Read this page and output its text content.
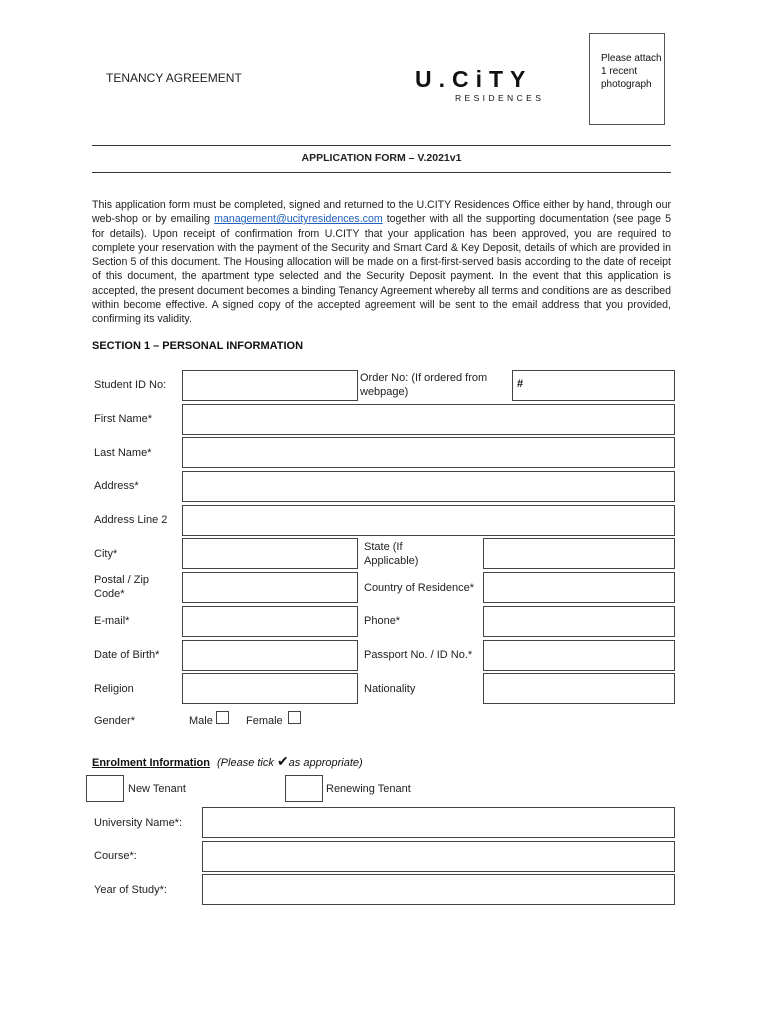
TENANCY AGREEMENT	U.CiTY
RESIDENCES
Please attach 1 recent photograph
APPLICATION FORM – V.2021v1
This application form must be completed, signed and returned to the U.CITY Residences Office either by hand, through our web-shop or by emailing management@ucityresidences.com together with all the supporting documentation (see page 5 for details). Upon receipt of confirmation from U.CITY that your application has been approved, you are required to complete your reservation with the payment of the Security and Smart Card & Key Deposit, details of which are provided in Section 5 of this document. The Housing allocation will be made on a first-first-served basis according to the date of receipt of this document, the apartment type selected and the Security Deposit payment. In the event that this application is accepted, the present document becomes a binding Tenancy Agreement whereby all terms and conditions are as described within become effective. A signed copy of the accepted agreement will be sent to the email address that you provided, confirming its validity.
SECTION 1 – PERSONAL INFORMATION
Student ID No:
Order No: (If ordered from webpage)
#
First Name*
Last Name*
Address*
Address Line 2
City*
State (If Applicable)
Postal / Zip Code*	Country of Residence*
E-mail*	Phone*
Date of Birth*	Passport No. / ID No.*
Religion	Nationality
Gender*	Male	Female
Enrolment Information (Please tick ✔as appropriate)
New Tenant	Renewing Tenant
University Name*:
Course*:
Year of Study*:
